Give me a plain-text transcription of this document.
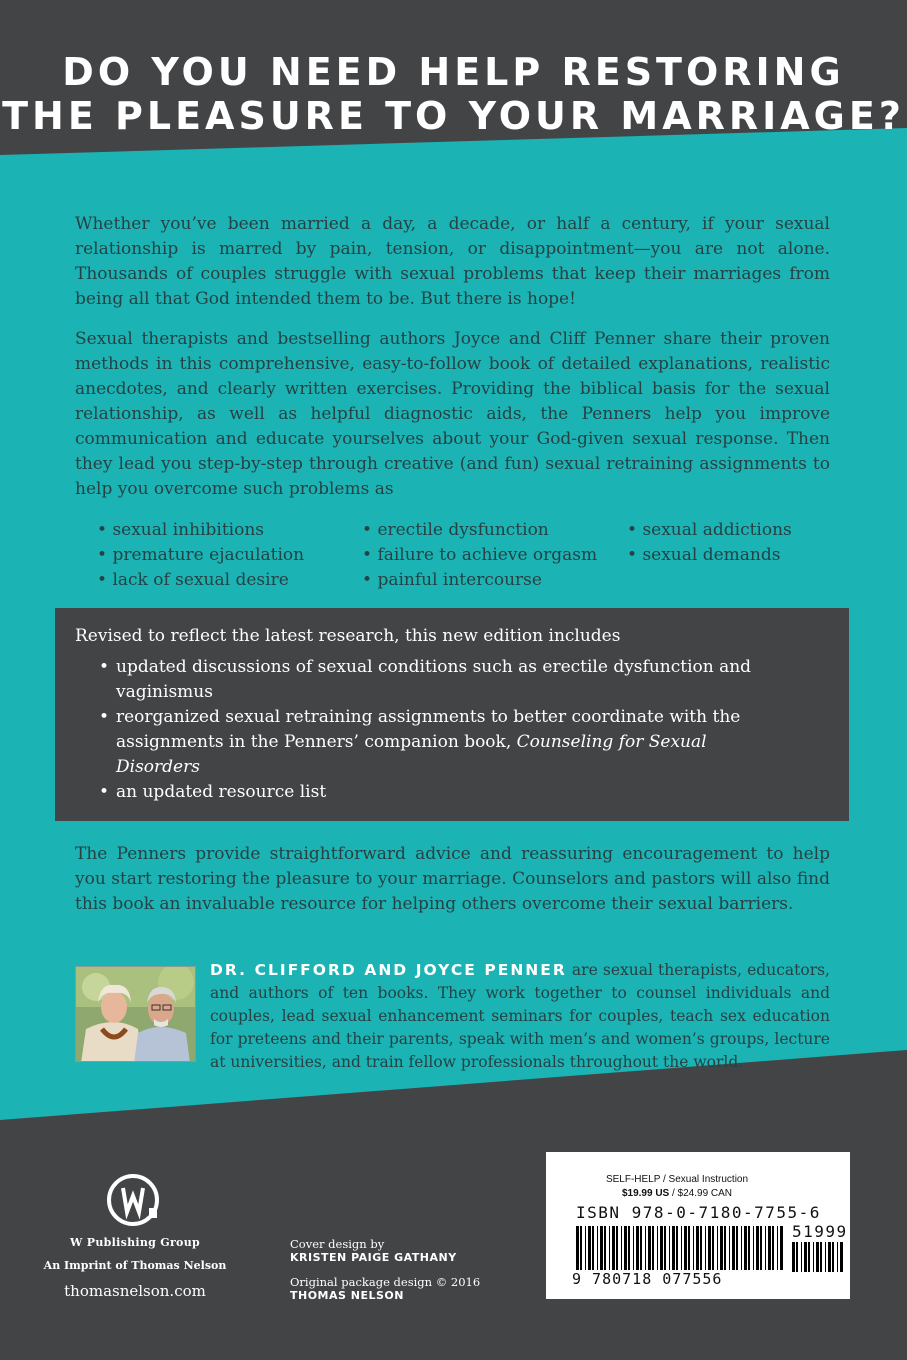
DO YOU NEED HELP RESTORING
THE PLEASURE TO YOUR MARRIAGE?

Whether you’ve been married a day, a decade, or half a century, if your sexual relationship is marred by pain, tension, or disappointment—you are not alone. Thousands of couples struggle with sexual problems that keep their marriages from being all that God intended them to be. But there is hope!

Sexual therapists and bestselling authors Joyce and Cliff Penner share their proven methods in this comprehensive, easy-to-follow book of detailed explanations, realistic anecdotes, and clearly written exercises. Providing the biblical basis for the sexual relationship, as well as helpful diagnostic aids, the Penners help you improve communication and educate yourselves about your God-given sexual response. Then they lead you step-by-step through creative (and fun) sexual retraining assignments to help you overcome such problems as

• sexual inhibitions	• erectile dysfunction	• sexual addictions
• premature ejaculation	• failure to achieve orgasm	• sexual demands
• lack of sexual desire	• painful intercourse
Revised to reflect the latest research, this new edition includes
• updated discussions of sexual conditions such as erectile dysfunction and vaginismus
• reorganized sexual retraining assignments to better coordinate with the assignments in the Penners’ companion book, Counseling for Sexual Disorders
• an updated resource list

The Penners provide straightforward advice and reassuring encouragement to help you start restoring the pleasure to your marriage. Counselors and pastors will also find this book an invaluable resource for helping others overcome their sexual barriers.

DR. CLIFFORD AND JOYCE PENNER are sexual therapists, educators, and authors of ten books. They work together to counsel individuals and couples, lead sexual enhancement seminars for couples, teach sex education for preteens and their parents, speak with men’s and women’s groups, lecture at universities, and train fellow professionals throughout the world.

W Publishing Group
An Imprint of Thomas Nelson
thomasnelson.com
Cover design by
KRISTEN PAIGE GATHANY
Original package design © 2016
THOMAS NELSON
SELF-HELP / Sexual Instruction
$19.99 US / $24.99 CAN
ISBN 978-0-7180-7755-6
51999
9 780718 077556
